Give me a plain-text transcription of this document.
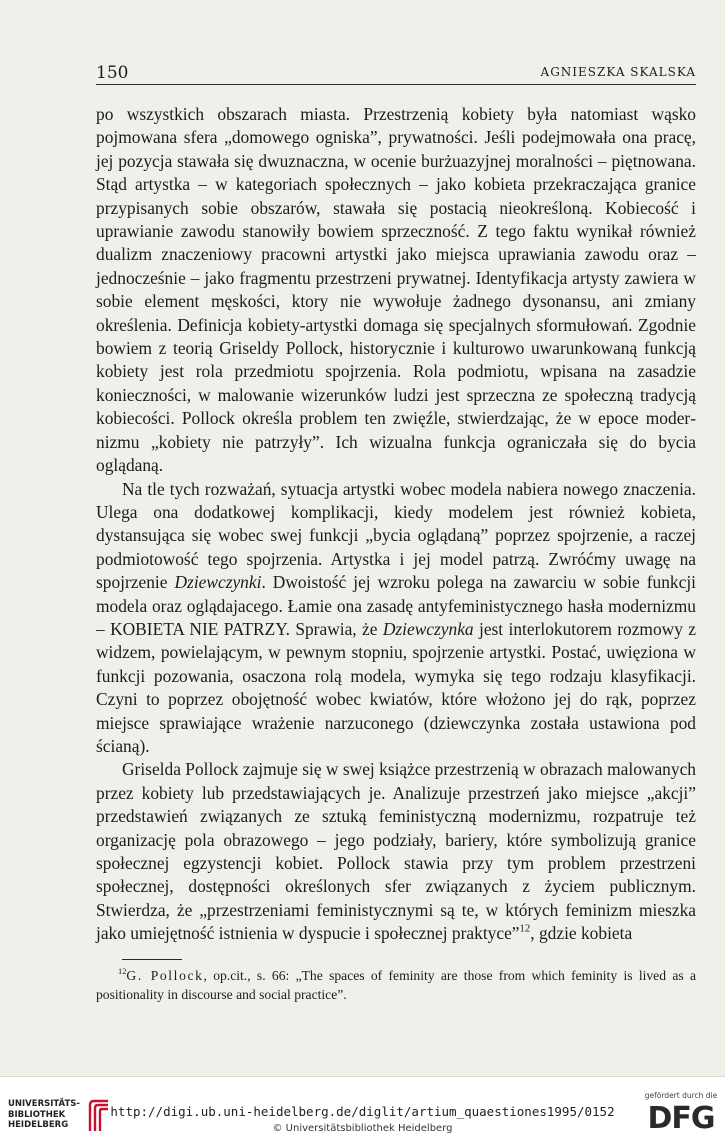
150	AGNIESZKA SKALSKA

po wszystkich obszarach miasta. Przestrzenią kobiety była natomiast wąsko pojmowana sfera „domowego ogniska”, prywatności. Jeśli podejmowała ona pracę, jej pozycja stawała się dwuznaczna, w ocenie burżuazyjnej moralności – piętnowana. Stąd artystka – w kategoriach społecznych – jako kobieta przekraczająca granice przypisanych sobie obszarów, stawała się postacią nieokreśloną. Kobiecość i uprawianie zawodu stanowiły bowiem sprzeczność. Z tego faktu wynikał również dualizm znaczeniowy pracowni artystki jako miejsca uprawiania zawodu oraz – jednocześnie – jako fragmentu przestrzeni prywatnej. Identyfikacja artysty zawiera w sobie element męskości, ktory nie wywołuje żadnego dysonansu, ani zmiany określenia. Definicja kobiety-artystki domaga się specjalnych sformułowań. Zgodnie bowiem z teorią Griseldy Pollock, historycznie i kulturowo uwarunkowaną funkcją kobiety jest rola przedmiotu spojrzenia. Rola podmiotu, wpisana na zasadzie konieczności, w malowanie wizerunków ludzi jest sprzeczna ze społeczną tradycją kobiecości. Pollock określa problem ten zwięźle, stwierdzając, że w epoce modernizmu „kobiety nie patrzyły”. Ich wizualna funkcja ograniczała się do bycia oglądaną.

Na tle tych rozważań, sytuacja artystki wobec modela nabiera nowego znaczenia. Ulega ona dodatkowej komplikacji, kiedy modelem jest również kobieta, dystansująca się wobec swej funkcji „bycia oglądaną” poprzez spojrzenie, a raczej podmiotowość tego spojrzenia. Artystka i jej model patrzą. Zwróćmy uwagę na spojrzenie Dziewczynki. Dwoistość jej wzroku polega na zawarciu w sobie funkcji modela oraz oglądajacego. Łamie ona zasadę antyfeministycznego hasła modernizmu – KOBIETA NIE PATRZY. Sprawia, że Dziewczynka jest interlokutorem rozmowy z widzem, powielającym, w pewnym stopniu, spojrzenie artystki. Postać, uwięziona w funkcji pozowania, osaczona rolą modela, wymyka się tego rodzaju klasyfikacji. Czyni to poprzez obojętność wobec kwiatów, które włożono jej do rąk, poprzez miejsce sprawiające wrażenie narzuconego (dziewczynka została ustawiona pod ścianą).

Griselda Pollock zajmuje się w swej książce przestrzenią w obrazach malowanych przez kobiety lub przedstawiających je. Analizuje przestrzeń jako miejsce „akcji” przedstawień związanych ze sztuką feministyczną modernizmu, rozpatruje też organizację pola obrazowego – jego podziały, bariery, które symbolizują granice społecznej egzystencji kobiet. Pollock stawia przy tym problem przestrzeni społecznej, dostępności określonych sfer związanych z życiem publicznym. Stwierdza, że „przestrzeniami feministycznymi są te, w których feminizm mieszka jako umiejętność istnienia w dyspucie i społecznej praktyce”$^{12}$, gdzie kobieta

$^{12}$G. Pollock, op.cit., s. 66: „The spaces of feminity are those from which feminity is lived as a positionality in discourse and social practice”.

UNIVERSITÄTS-
BIBLIOTHEK
HEIDELBERG
http://digi.ub.uni-heidelberg.de/diglit/artium_quaestiones1995/0152
© Universitätsbibliothek Heidelberg
gefördert durch die
DFG
